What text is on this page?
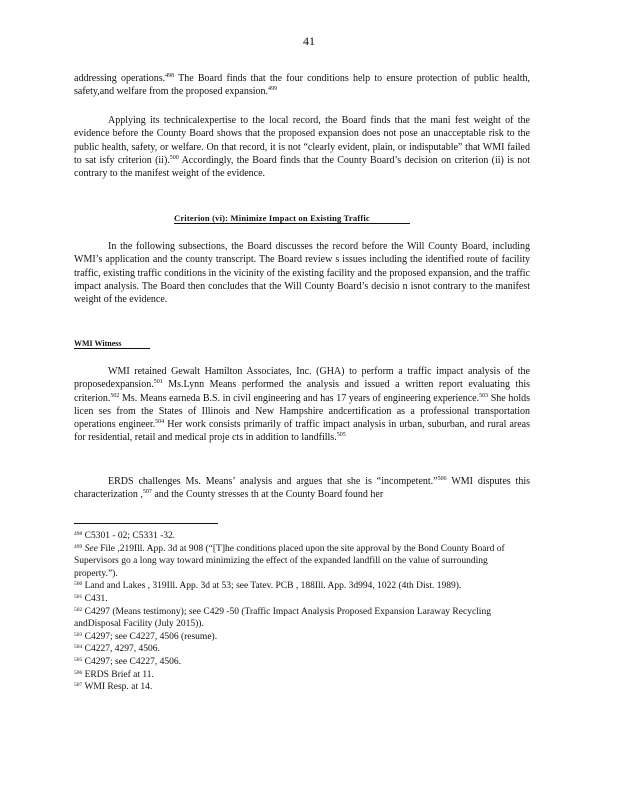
41
addressing operations.$^{498}$ The Board finds that the four conditions help to ensure protection of public health, safety,and welfare from the proposed expansion.$^{499}$
Applying its technicalexpertise to the local record, the Board finds that the mani fest weight of the evidence before the County Board shows that the proposed expansion does not pose an unacceptable risk to the public health, safety, or welfare. On that record, it is not “clearly evident, plain, or indisputable” that WMI failed to sat isfy criterion (ii).$^{500}$ Accordingly, the Board finds that the County Board’s decision on criterion (ii) is not contrary to the manifest weight of the evidence.
Criterion (vi): Minimize Impact on Existing Traffic
In the following subsections, the Board discusses the record before the Will County Board, including WMI’s application and the county transcript. The Board review s issues including the identified route of facility traffic, existing traffic conditions in the vicinity of the existing facility and the proposed expansion, and the traffic impact analysis. The Board then concludes that the Will County Board’s decisio n isnot contrary to the manifest weight of the evidence.
WMI Witness
WMI retained Gewalt Hamilton Associates, Inc. (GHA) to perform a traffic impact analysis of the proposedexpansion.$^{501}$ Ms.Lynn Means performed the analysis and issued a written report evaluating this criterion.$^{502}$ Ms. Means earneda B.S. in civil engineering and has 17 years of engineering experience.$^{503}$ She holds licen ses from the States of Illinois and New Hampshire andcertification as a professional transportation operations engineer.$^{504}$ Her work consists primarily of traffic impact analysis in urban, suburban, and rural areas for residential, retail and medical proje cts in addition to landfills.$^{505}$
ERDS challenges Ms. Means’ analysis and argues that she is “incompetent.”$^{506}$ WMI disputes this characterization ,$^{507}$ and the County stresses th at the County Board found her
$^{498}$ C5301 - 02; C5331 -32.
$^{499}$ See File ,219Ill. App. 3d at 908 (“[T]he conditions placed upon the site approval by the Bond County Board of Supervisors go a long way toward minimizing the effect of the expanded landfill on the value of surrounding property.”).
$^{500}$ Land and Lakes , 319Ill. App. 3d at 53; see Tatev. PCB , 188Ill. App. 3d994, 1022 (4th Dist. 1989).
$^{501}$ C431.
$^{502}$ C4297 (Means testimony); see C429 -50 (Traffic Impact Analysis Proposed Expansion Laraway Recycling andDisposal Facility (July 2015)).
$^{503}$ C4297; see C4227, 4506 (resume).
$^{504}$ C4227, 4297, 4506.
$^{505}$ C4297; see C4227, 4506.
$^{506}$ ERDS Brief at 11.
$^{507}$ WMI Resp. at 14.
